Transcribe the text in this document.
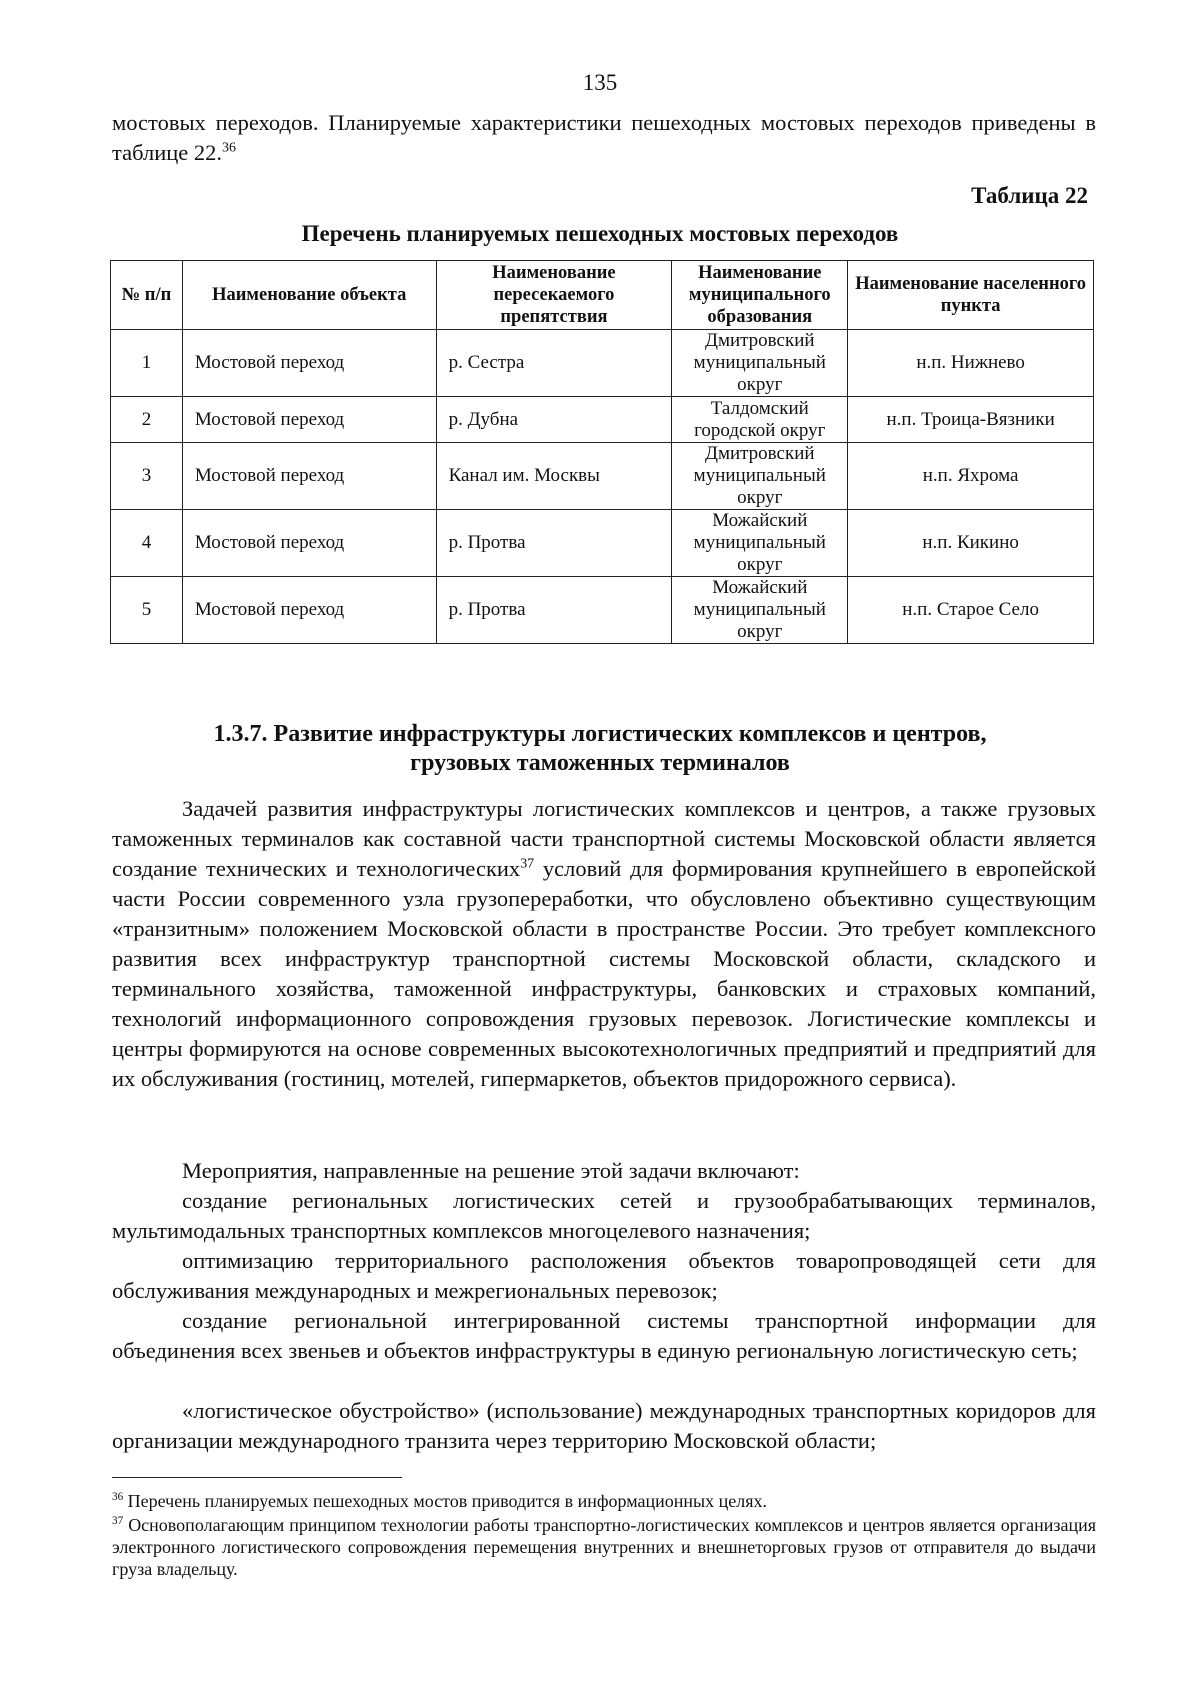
135
мостовых переходов. Планируемые характеристики пешеходных мостовых переходов приведены в таблице 22.36
Таблица 22
Перечень планируемых пешеходных мостовых переходов
№ п/п	Наименование объекта	Наименование пересекаемого препятствия	Наименование муниципального образования	Наименование населенного пункта
1	Мостовой переход	р. Сестра	Дмитровский муниципальный округ	н.п. Нижнево
2	Мостовой переход	р. Дубна	Талдомский городской округ	н.п. Троица-Вязники
3	Мостовой переход	Канал им. Москвы	Дмитровский муниципальный округ	н.п. Яхрома
4	Мостовой переход	р. Протва	Можайский муниципальный округ	н.п. Кикино
5	Мостовой переход	р. Протва	Можайский муниципальный округ	н.п. Старое Село
1.3.7. Развитие инфраструктуры логистических комплексов и центров,
грузовых таможенных терминалов
Задачей развития инфраструктуры логистических комплексов и центров, а также грузовых таможенных терминалов как составной части транспортной системы Московской области является создание технических и технологических$^{37}$ условий для формирования крупнейшего в европейской части России современного узла грузопереработки, что обусловлено объективно существующим «транзитным» положением Московской области в пространстве России. Это требует комплексного развития всех инфраструктур транспортной системы Московской области, складского и терминального хозяйства, таможенной инфраструктуры, банковских и страховых компаний, технологий информационного сопровождения грузовых перевозок. Логистические комплексы и центры формируются на основе современных высокотехнологичных предприятий и предприятий для их обслуживания (гостиниц, мотелей, гипермаркетов, объектов придорожного сервиса).
Мероприятия, направленные на решение этой задачи включают:
создание региональных логистических сетей и грузообрабатывающих терминалов, мультимодальных транспортных комплексов многоцелевого назначения;
оптимизацию территориального расположения объектов товаропроводящей сети для обслуживания международных и межрегиональных перевозок;
создание региональной интегрированной системы транспортной информации для объединения всех звеньев и объектов инфраструктуры в единую региональную логистическую сеть;
«логистическое обустройство» (использование) международных транспортных коридоров для организации международного транзита через территорию Московской области;
$^{36}$ Перечень планируемых пешеходных мостов приводится в информационных целях.
$^{37}$ Основополагающим принципом технологии работы транспортно-логистических комплексов и центров является организация электронного логистического сопровождения перемещения внутренних и внешнеторговых грузов от отправителя до выдачи груза владельцу.
